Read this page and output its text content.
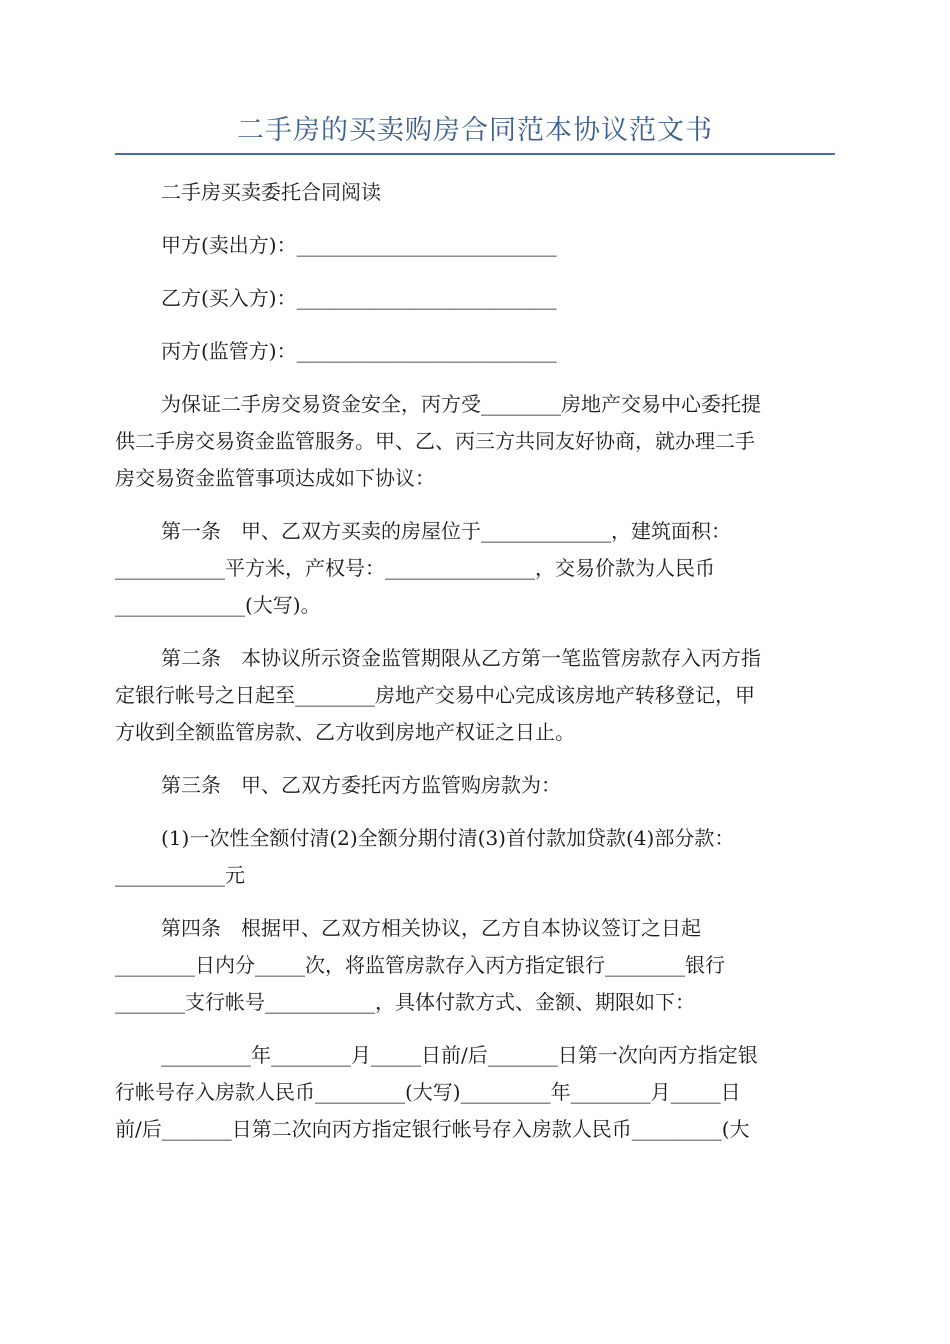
二手房的买卖购房合同范本协议范文书
二手房买卖委托合同阅读
甲方(卖出方)：__________________________
乙方(买入方)：__________________________
丙方(监管方)：__________________________
为保证二手房交易资金安全，丙方受________房地产交易中心委托提
供二手房交易资金监管服务。甲、乙、丙三方共同友好协商，就办理二手
房交易资金监管事项达成如下协议：
第一条　甲、乙双方买卖的房屋位于_____________，建筑面积：
___________平方米，产权号：_______________，交易价款为人民币
_____________(大写)。
第二条　本协议所示资金监管期限从乙方第一笔监管房款存入丙方指
定银行帐号之日起至________房地产交易中心完成该房地产转移登记，甲
方收到全额监管房款、乙方收到房地产权证之日止。
第三条　甲、乙双方委托丙方监管购房款为：
(1)一次性全额付清(2)全额分期付清(3)首付款加贷款(4)部分款：
___________元
第四条　根据甲、乙双方相关协议，乙方自本协议签订之日起
________日内分_____次，将监管房款存入丙方指定银行________银行
_______支行帐号___________，具体付款方式、金额、期限如下：
_________年________月_____日前/后_______日第一次向丙方指定银
行帐号存入房款人民币_________(大写)_________年________月_____日
前/后_______日第二次向丙方指定银行帐号存入房款人民币_________(大
